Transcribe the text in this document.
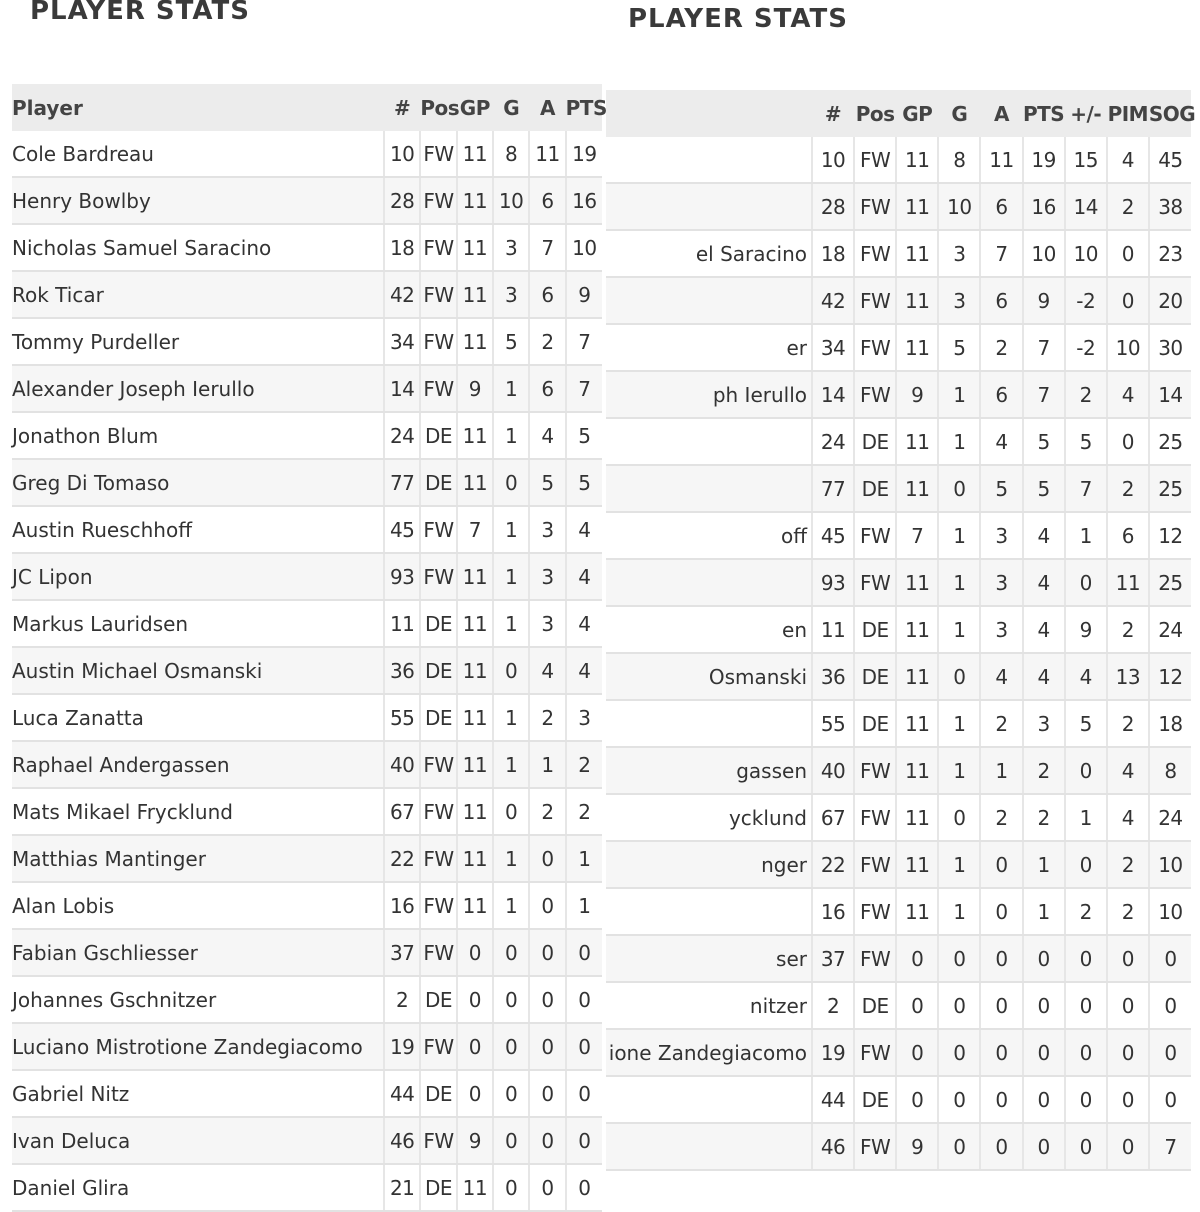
PLAYER STATS
Player	#	Pos	GP	G	A	PTS
Cole Bardreau	10	FW	11	8	11	19
Henry Bowlby	28	FW	11	10	6	16
Nicholas Samuel Saracino	18	FW	11	3	7	10
Rok Ticar	42	FW	11	3	6	9
Tommy Purdeller	34	FW	11	5	2	7
Alexander Joseph Ierullo	14	FW	9	1	6	7
Jonathon Blum	24	DE	11	1	4	5
Greg Di Tomaso	77	DE	11	0	5	5
Austin Rueschhoff	45	FW	7	1	3	4
JC Lipon	93	FW	11	1	3	4
Markus Lauridsen	11	DE	11	1	3	4
Austin Michael Osmanski	36	DE	11	0	4	4
Luca Zanatta	55	DE	11	1	2	3
Raphael Andergassen	40	FW	11	1	1	2
Mats Mikael Frycklund	67	FW	11	0	2	2
Matthias Mantinger	22	FW	11	1	0	1
Alan Lobis	16	FW	11	1	0	1
Fabian Gschliesser	37	FW	0	0	0	0
Johannes Gschnitzer	2	DE	0	0	0	0
Luciano Mistrotione Zandegiacomo	19	FW	0	0	0	0
Gabriel Nitz	44	DE	0	0	0	0
Ivan Deluca	46	FW	9	0	0	0
Daniel Glira	21	DE	11	0	0	0
PLAYER STATS
	#	Pos	GP	G	A	PTS	+/-	PIM	SOG
	10	FW	11	8	11	19	15	4	45
	28	FW	11	10	6	16	14	2	38
el Saracino	18	FW	11	3	7	10	10	0	23
	42	FW	11	3	6	9	-2	0	20
er	34	FW	11	5	2	7	-2	10	30
ph Ierullo	14	FW	9	1	6	7	2	4	14
	24	DE	11	1	4	5	5	0	25
	77	DE	11	0	5	5	7	2	25
off	45	FW	7	1	3	4	1	6	12
	93	FW	11	1	3	4	0	11	25
en	11	DE	11	1	3	4	9	2	24
Osmanski	36	DE	11	0	4	4	4	13	12
	55	DE	11	1	2	3	5	2	18
gassen	40	FW	11	1	1	2	0	4	8
ycklund	67	FW	11	0	2	2	1	4	24
nger	22	FW	11	1	0	1	0	2	10
	16	FW	11	1	0	1	2	2	10
ser	37	FW	0	0	0	0	0	0	0
nitzer	2	DE	0	0	0	0	0	0	0
ione Zandegiacomo	19	FW	0	0	0	0	0	0	0
	44	DE	0	0	0	0	0	0	0
	46	FW	9	0	0	0	0	0	7
